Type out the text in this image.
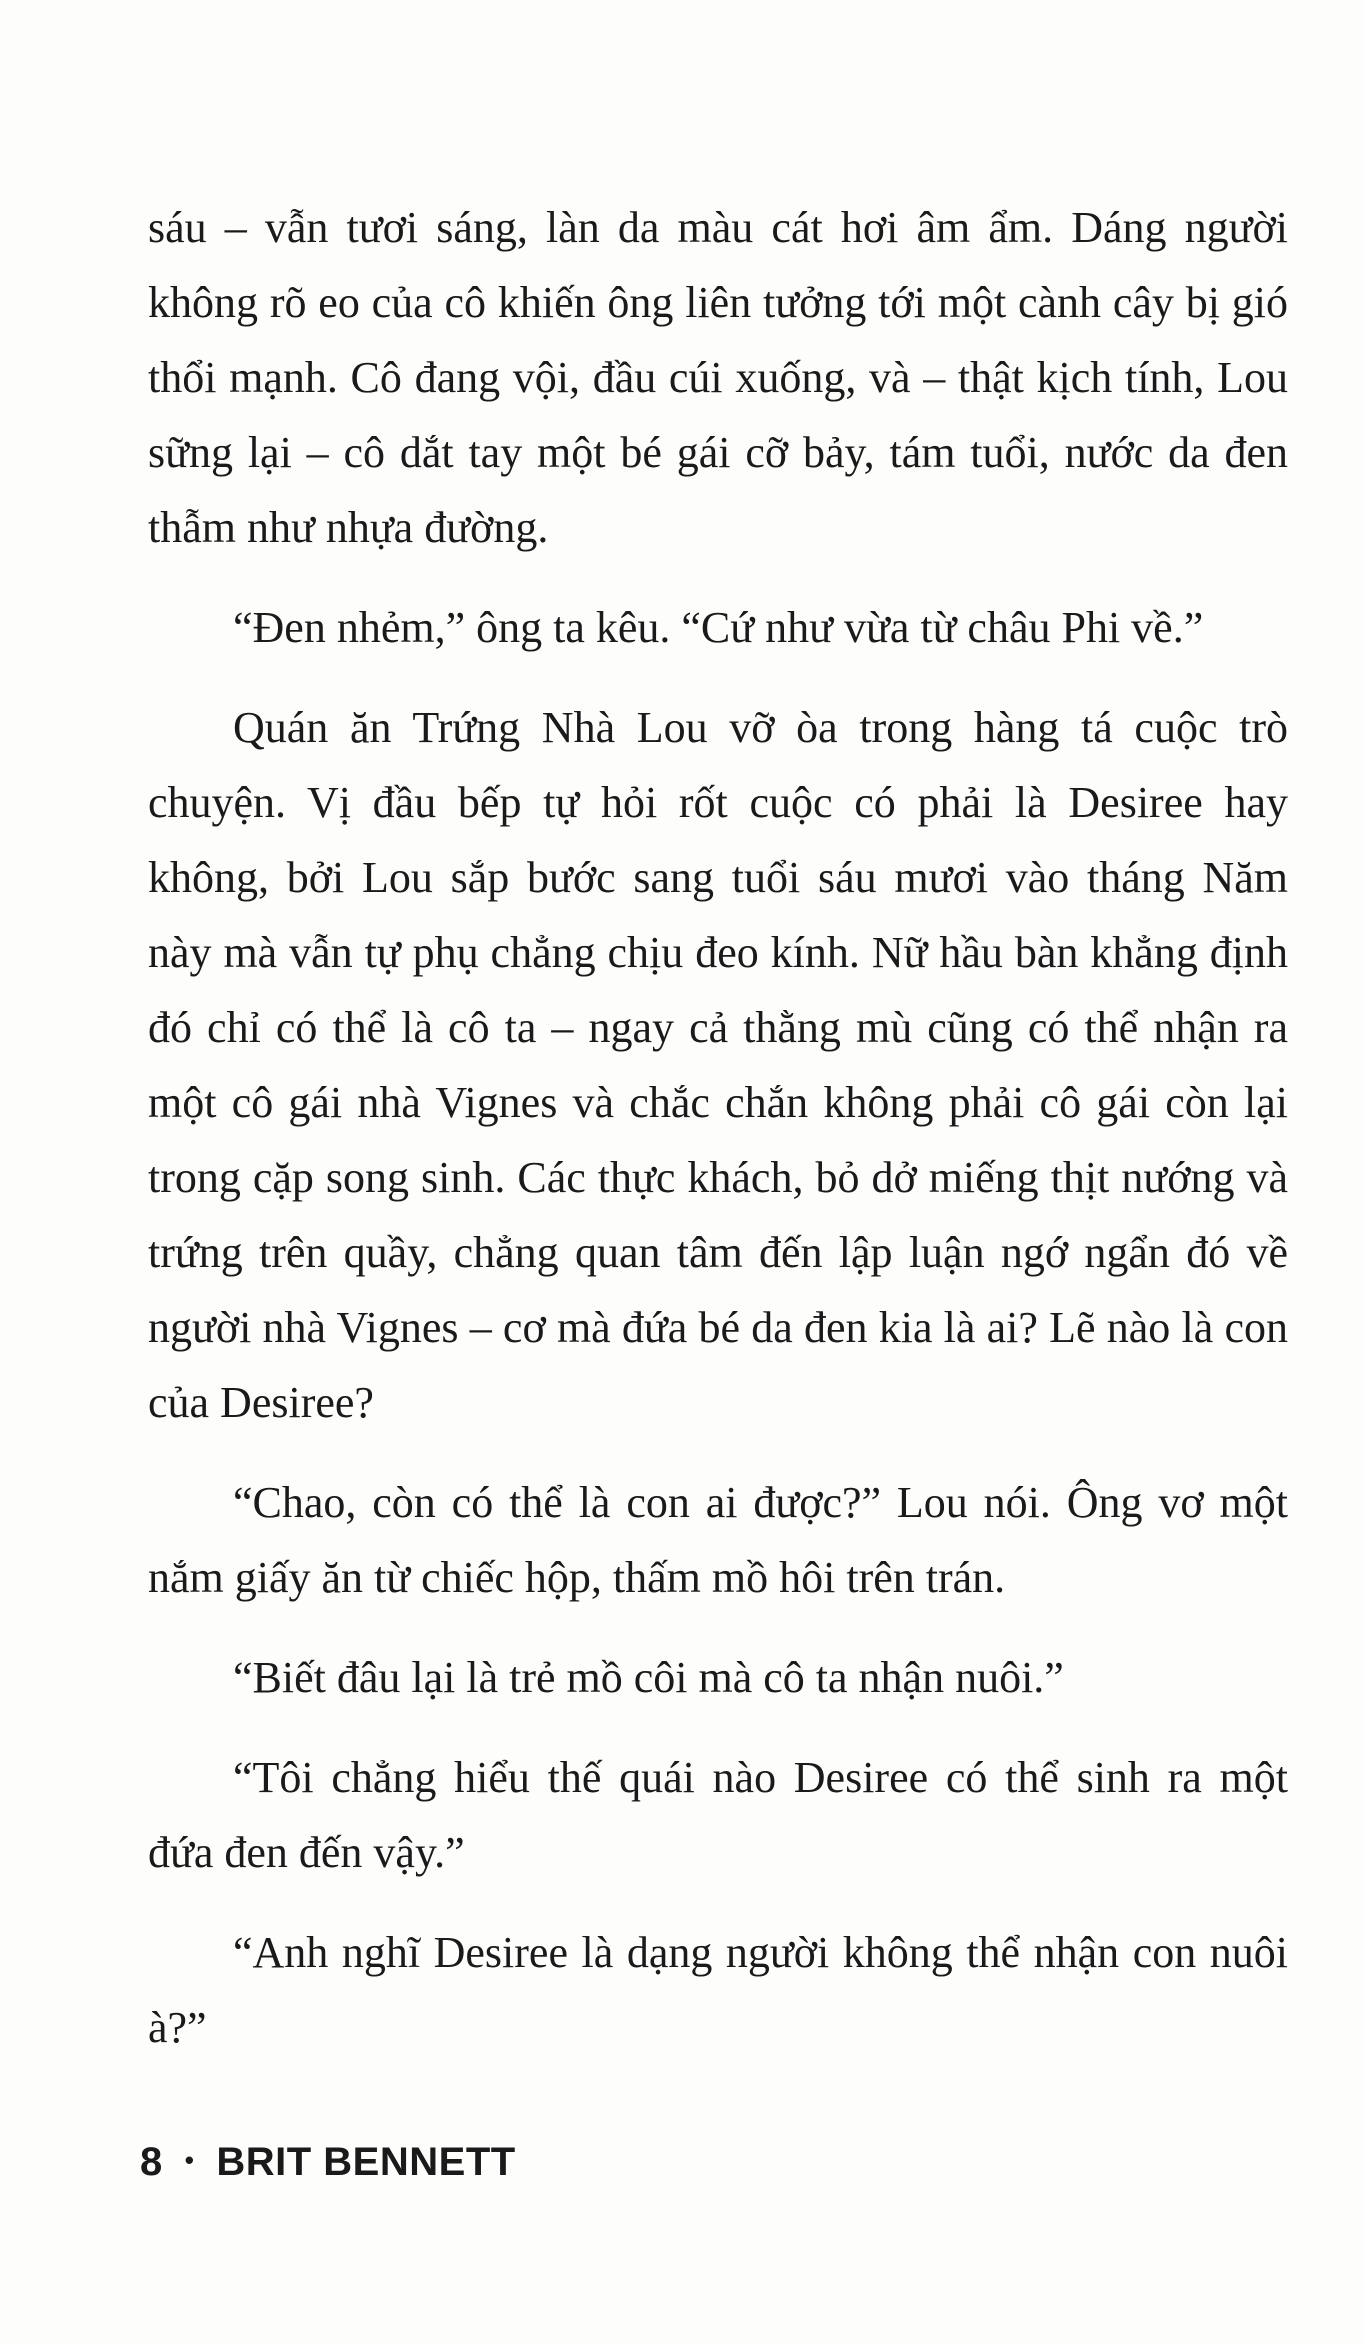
sáu – vẫn tươi sáng, làn da màu cát hơi âm ẩm. Dáng người không rõ eo của cô khiến ông liên tưởng tới một cành cây bị gió thổi mạnh. Cô đang vội, đầu cúi xuống, và – thật kịch tính, Lou sững lại – cô dắt tay một bé gái cỡ bảy, tám tuổi, nước da đen thẫm như nhựa đường.

“Đen nhẻm,” ông ta kêu. “Cứ như vừa từ châu Phi về.”

Quán ăn Trứng Nhà Lou vỡ òa trong hàng tá cuộc trò chuyện. Vị đầu bếp tự hỏi rốt cuộc có phải là Desiree hay không, bởi Lou sắp bước sang tuổi sáu mươi vào tháng Năm này mà vẫn tự phụ chẳng chịu đeo kính. Nữ hầu bàn khẳng định đó chỉ có thể là cô ta – ngay cả thằng mù cũng có thể nhận ra một cô gái nhà Vignes và chắc chắn không phải cô gái còn lại trong cặp song sinh. Các thực khách, bỏ dở miếng thịt nướng và trứng trên quầy, chẳng quan tâm đến lập luận ngớ ngẩn đó về người nhà Vignes – cơ mà đứa bé da đen kia là ai? Lẽ nào là con của Desiree?

“Chao, còn có thể là con ai được?” Lou nói. Ông vơ một nắm giấy ăn từ chiếc hộp, thấm mồ hôi trên trán.

“Biết đâu lại là trẻ mồ côi mà cô ta nhận nuôi.”

“Tôi chẳng hiểu thế quái nào Desiree có thể sinh ra một đứa đen đến vậy.”

“Anh nghĩ Desiree là dạng người không thể nhận con nuôi à?”

8 • BRIT BENNETT
